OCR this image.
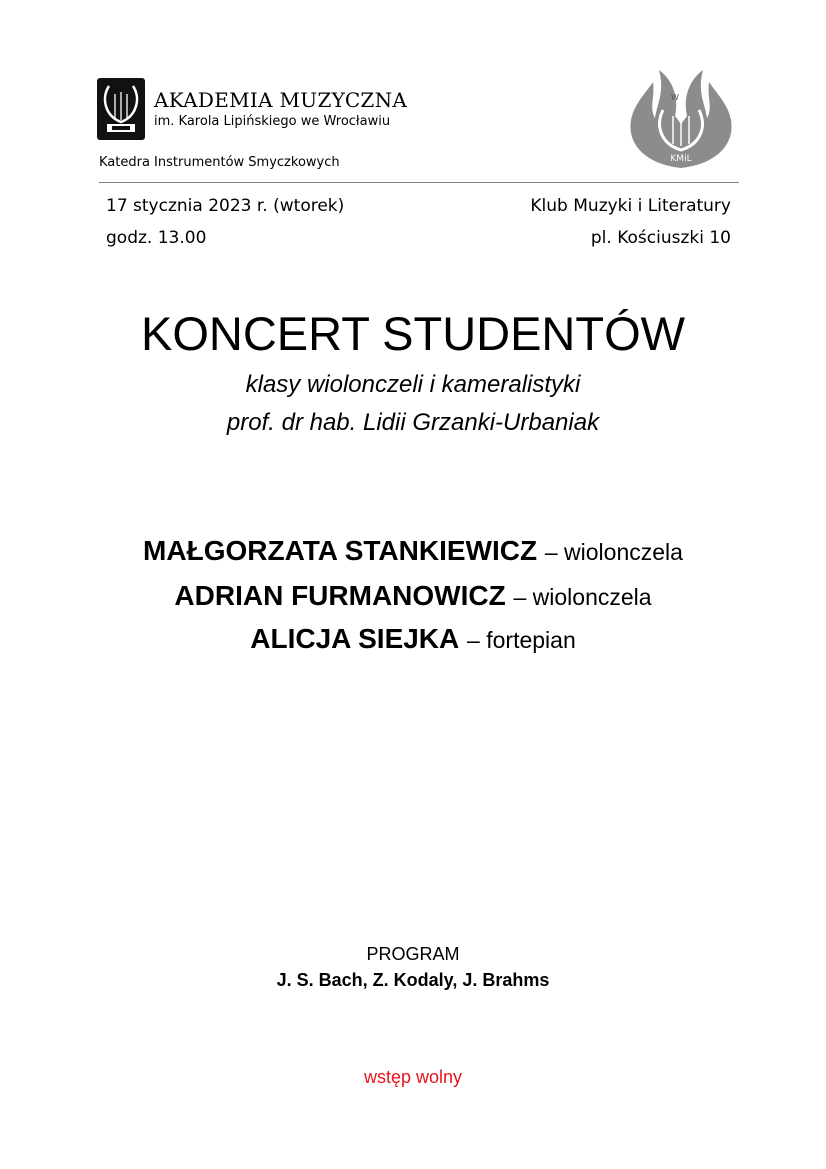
AKADEMIA MUZYCZNA
im. Karola Lipińskiego we Wrocławiu
Katedra Instrumentów Smyczkowych	KMiL
W
17 stycznia 2023 r. (wtorek)
godz. 13.00
Klub Muzyki i Literatury
pl. Kościuszki 10
KONCERT STUDENTÓW
klasy wiolonczeli i kameralistyki
prof. dr hab. Lidii Grzanki-Urbaniak
MAŁGORZATA STANKIEWICZ – wiolonczela
ADRIAN FURMANOWICZ – wiolonczela
ALICJA SIEJKA – fortepian
PROGRAM
J. S. Bach, Z. Kodaly, J. Brahms
wstęp wolny
